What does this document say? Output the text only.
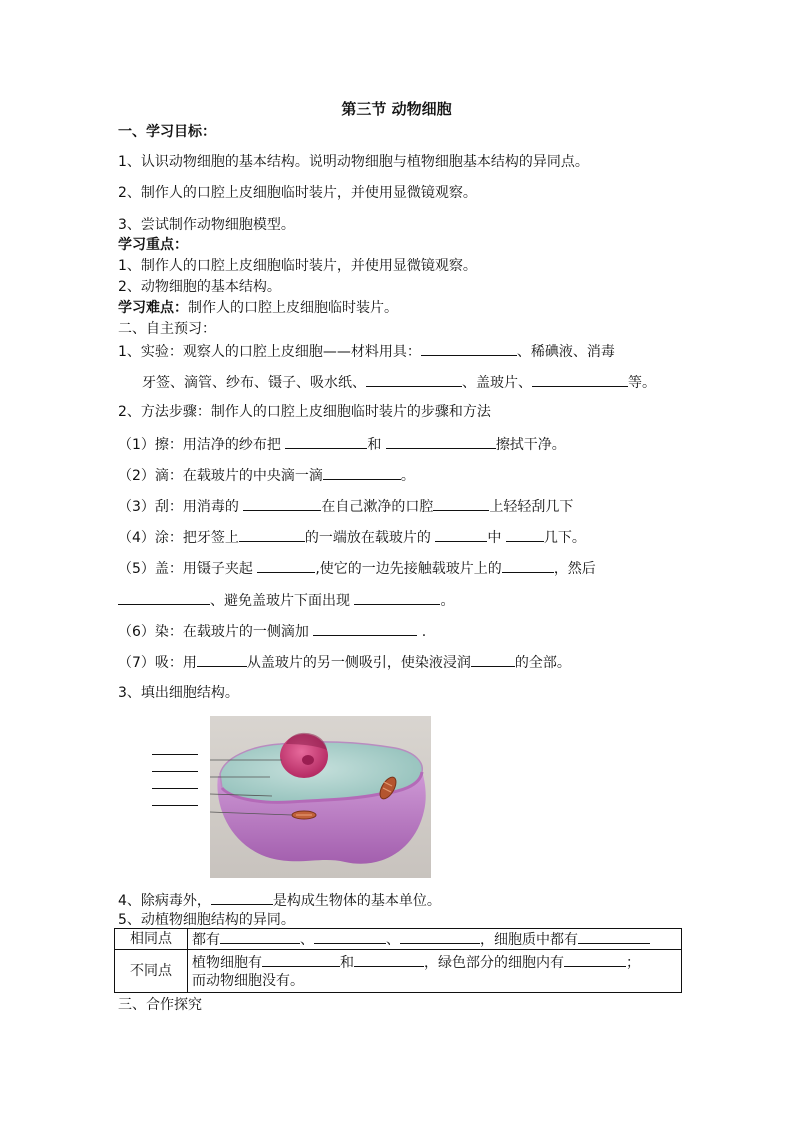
第三节 动物细胞
一、学习目标：
1、认识动物细胞的基本结构。说明动物细胞与植物细胞基本结构的异同点。
2、制作人的口腔上皮细胞临时装片，并使用显微镜观察。
3、尝试制作动物细胞模型。
学习重点：
1、制作人的口腔上皮细胞临时装片，并使用显微镜观察。
2、动物细胞的基本结构。
学习难点：制作人的口腔上皮细胞临时装片。
二、自主预习：
1、实验：观察人的口腔上皮细胞——材料用具：	、稀碘液、消毒
牙签、滴管、纱布、镊子、吸水纸、	、盖玻片、	等。
2、方法步骤：制作人的口腔上皮细胞临时装片的步骤和方法
（1）擦：用洁净的纱布把	和	擦拭干净。
（2）滴：在载玻片的中央滴一滴	。
（3）刮：用消毒的	在自己漱净的口腔	上轻轻刮几下
（4）涂：把牙签上	的一端放在载玻片的	中	几下。
（5）盖：用镊子夹起	,使它的一边先接触载玻片上的	，然后
、避免盖玻片下面出现	。
（6）染：在载玻片的一侧滴加	.
（7）吸：用	从盖玻片的另一侧吸引，使染液浸润	的全部。
3、填出细胞结构。
4、除病毒外，	是构成生物体的基本单位。
5、动植物细胞结构的异同。
相同点	都有 、 、 ，细胞质中都有
不同点	植物细胞有 和 ，绿色部分的细胞内有 ；
而动物细胞没有。
三、合作探究
